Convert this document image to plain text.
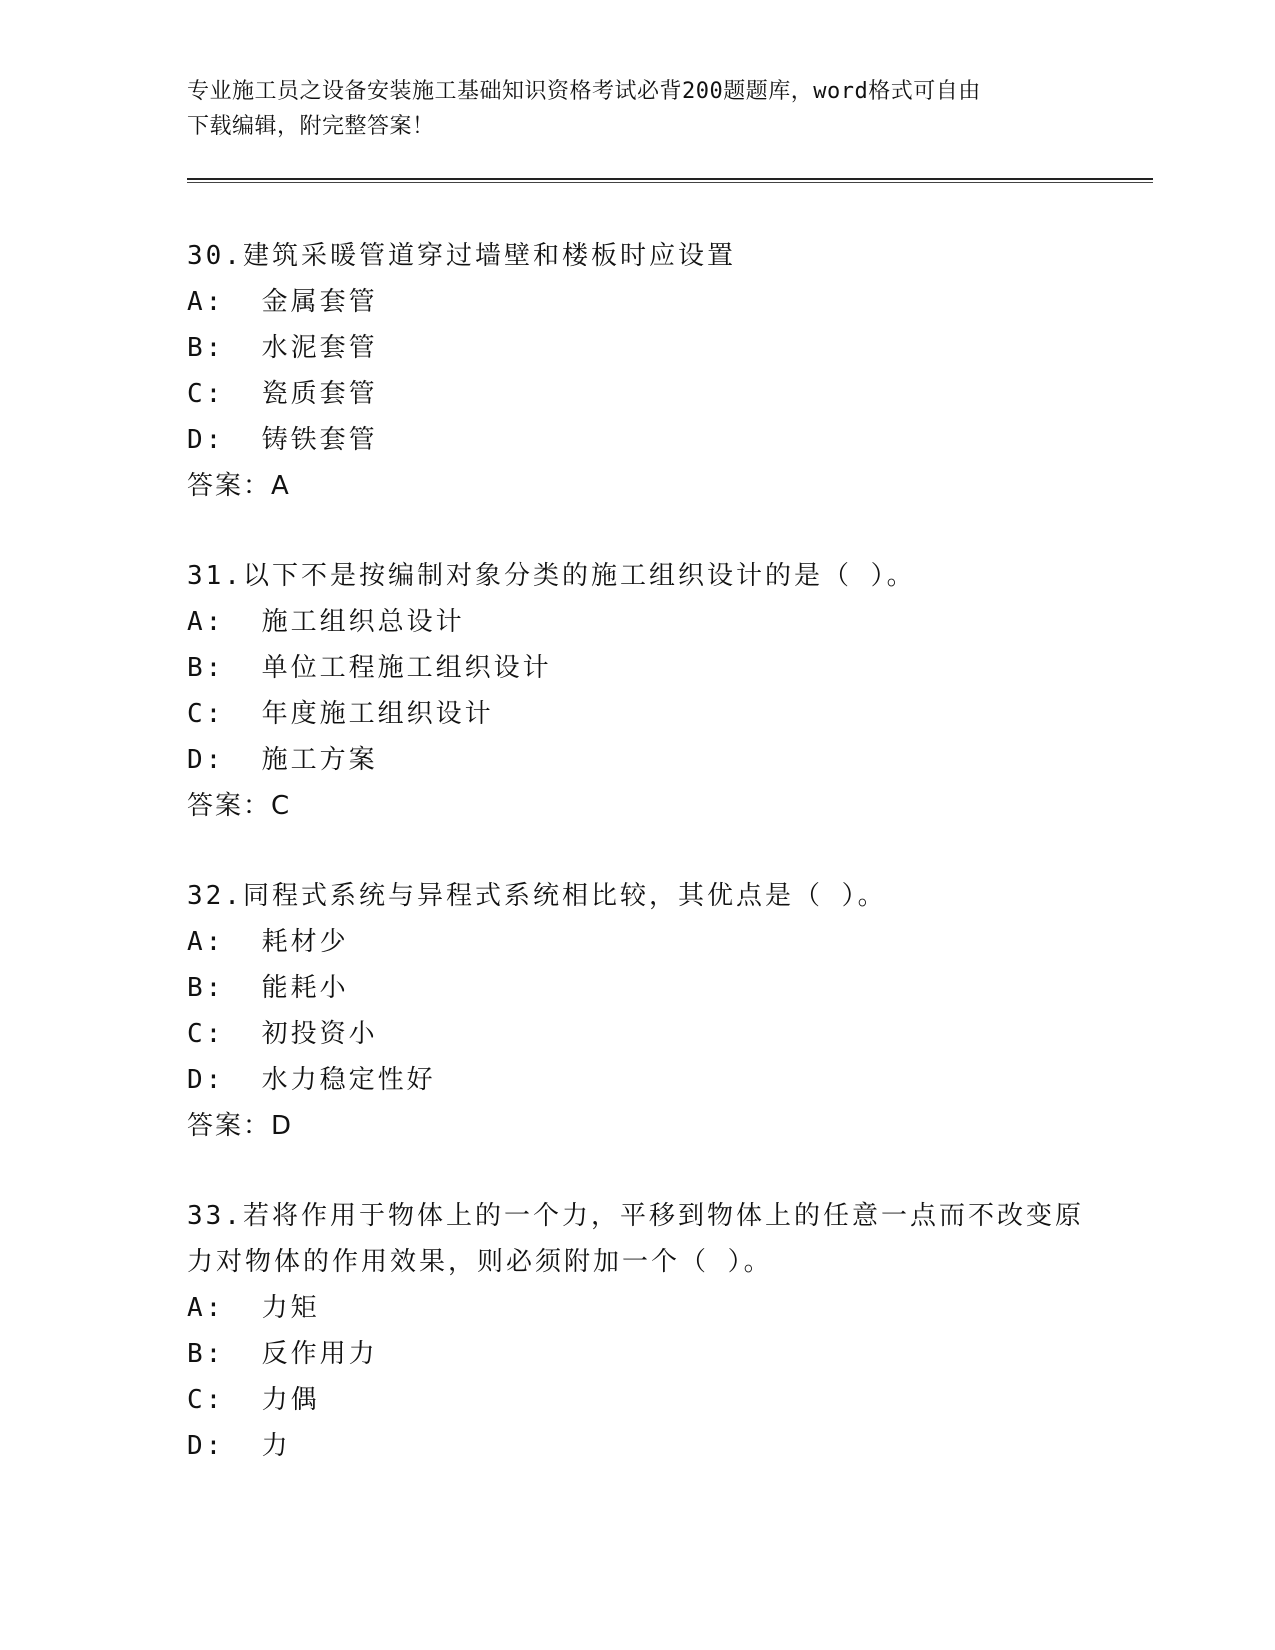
专业施工员之设备安装施工基础知识资格考试必背200题题库，word格式可自由
下载编辑，附完整答案！
30.建筑采暖管道穿过墙壁和楼板时应设置
A:  金属套管
B:  水泥套管
C:  瓷质套管
D:  铸铁套管
答案：A
31.以下不是按编制对象分类的施工组织设计的是（ ）。
A:  施工组织总设计
B:  单位工程施工组织设计
C:  年度施工组织设计
D:  施工方案
答案：C
32.同程式系统与异程式系统相比较，其优点是（ ）。
A:  耗材少
B:  能耗小
C:  初投资小
D:  水力稳定性好
答案：D
33.若将作用于物体上的一个力，平移到物体上的任意一点而不改变原
力对物体的作用效果，则必须附加一个（ ）。
A:  力矩
B:  反作用力
C:  力偶
D:  力
